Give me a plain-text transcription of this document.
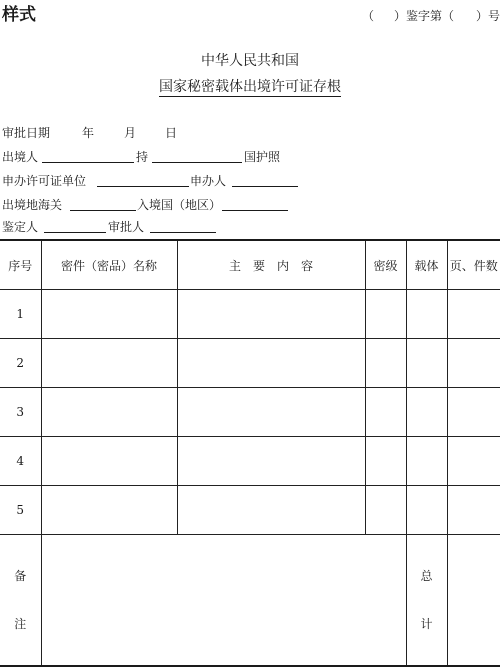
样式	（ ）鉴字第（ ）号
中华人民共和国
国家秘密载体出境许可证存根
审批日期	年 月 日
出境人	持	国护照
申办许可证单位	申办人
出境地海关	入境国（地区）
鉴定人	审批人
序号	密件（密品）名称	主　要　内　容	密级	载体	页、件数
1					
2					
3					
4					
5					

备
注				总
计	
